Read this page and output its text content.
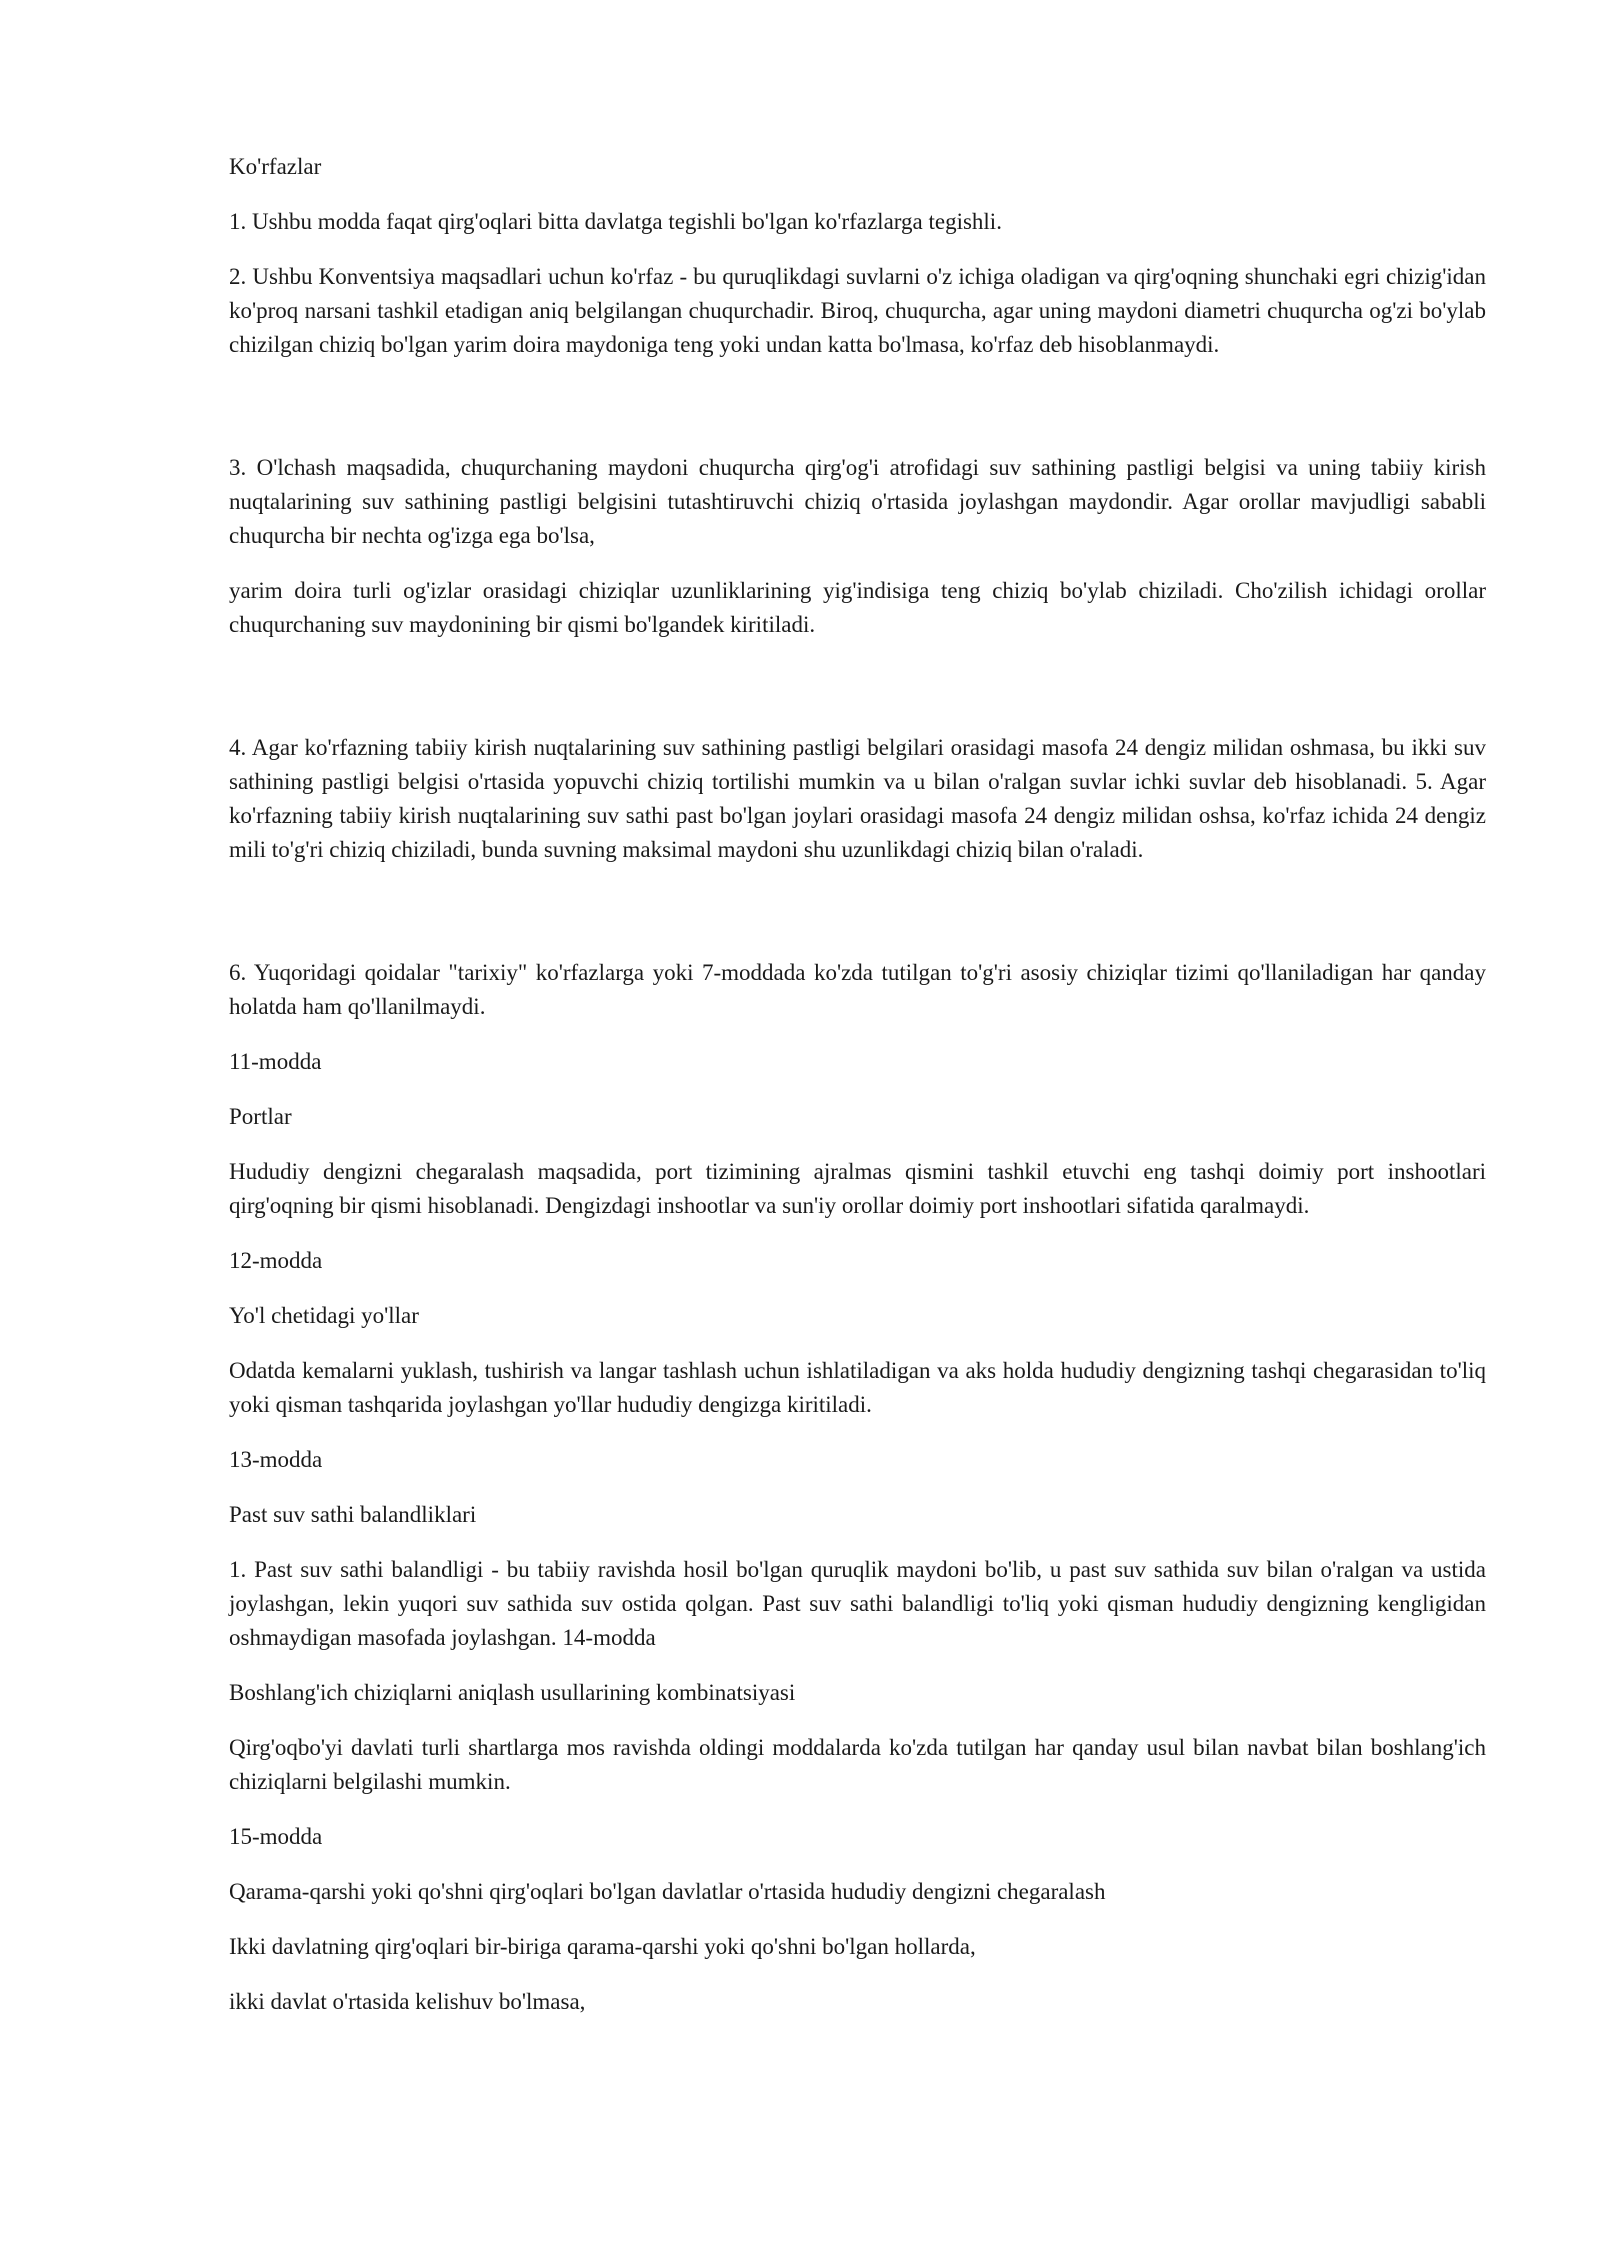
Ko'rfazlar

1. Ushbu modda faqat qirg'oqlari bitta davlatga tegishli bo'lgan ko'rfazlarga tegishli.

2. Ushbu Konventsiya maqsadlari uchun ko'rfaz - bu quruqlikdagi suvlarni o'z ichiga oladigan va qirg'oqning shunchaki egri chizig'idan ko'proq narsani tashkil etadigan aniq belgilangan chuqurchadir. Biroq, chuqurcha, agar uning maydoni diametri chuqurcha og'zi bo'ylab chizilgan chiziq bo'lgan yarim doira maydoniga teng yoki undan katta bo'lmasa, ko'rfaz deb hisoblanmaydi.

3. O'lchash maqsadida, chuqurchaning maydoni chuqurcha qirg'og'i atrofidagi suv sathining pastligi belgisi va uning tabiiy kirish nuqtalarining suv sathining pastligi belgisini tutashtiruvchi chiziq o'rtasida joylashgan maydondir. Agar orollar mavjudligi sababli chuqurcha bir nechta og'izga ega bo'lsa,

yarim doira turli og'izlar orasidagi chiziqlar uzunliklarining yig'indisiga teng chiziq bo'ylab chiziladi. Cho'zilish ichidagi orollar chuqurchaning suv maydonining bir qismi bo'lgandek kiritiladi.

4. Agar ko'rfazning tabiiy kirish nuqtalarining suv sathining pastligi belgilari orasidagi masofa 24 dengiz milidan oshmasa, bu ikki suv sathining pastligi belgisi o'rtasida yopuvchi chiziq tortilishi mumkin va u bilan o'ralgan suvlar ichki suvlar deb hisoblanadi. 5. Agar ko'rfazning tabiiy kirish nuqtalarining suv sathi past bo'lgan joylari orasidagi masofa 24 dengiz milidan oshsa, ko'rfaz ichida 24 dengiz mili to'g'ri chiziq chiziladi, bunda suvning maksimal maydoni shu uzunlikdagi chiziq bilan o'raladi.

6. Yuqoridagi qoidalar "tarixiy" ko'rfazlarga yoki 7-moddada ko'zda tutilgan to'g'ri asosiy chiziqlar tizimi qo'llaniladigan har qanday holatda ham qo'llanilmaydi.

11-modda

Portlar

Hududiy dengizni chegaralash maqsadida, port tizimining ajralmas qismini tashkil etuvchi eng tashqi doimiy port inshootlari qirg'oqning bir qismi hisoblanadi. Dengizdagi inshootlar va sun'iy orollar doimiy port inshootlari sifatida qaralmaydi.

12-modda

Yo'l chetidagi yo'llar

Odatda kemalarni yuklash, tushirish va langar tashlash uchun ishlatiladigan va aks holda hududiy dengizning tashqi chegarasidan to'liq yoki qisman tashqarida joylashgan yo'llar hududiy dengizga kiritiladi.

13-modda

Past suv sathi balandliklari

1. Past suv sathi balandligi - bu tabiiy ravishda hosil bo'lgan quruqlik maydoni bo'lib, u past suv sathida suv bilan o'ralgan va ustida joylashgan, lekin yuqori suv sathida suv ostida qolgan. Past suv sathi balandligi to'liq yoki qisman hududiy dengizning kengligidan oshmaydigan masofada joylashgan. 14-modda

Boshlang'ich chiziqlarni aniqlash usullarining kombinatsiyasi

Qirg'oqbo'yi davlati turli shartlarga mos ravishda oldingi moddalarda ko'zda tutilgan har qanday usul bilan navbat bilan boshlang'ich chiziqlarni belgilashi mumkin.

15-modda

Qarama-qarshi yoki qo'shni qirg'oqlari bo'lgan davlatlar o'rtasida hududiy dengizni chegaralash

Ikki davlatning qirg'oqlari bir-biriga qarama-qarshi yoki qo'shni bo'lgan hollarda,

ikki davlat o'rtasida kelishuv bo'lmasa,
